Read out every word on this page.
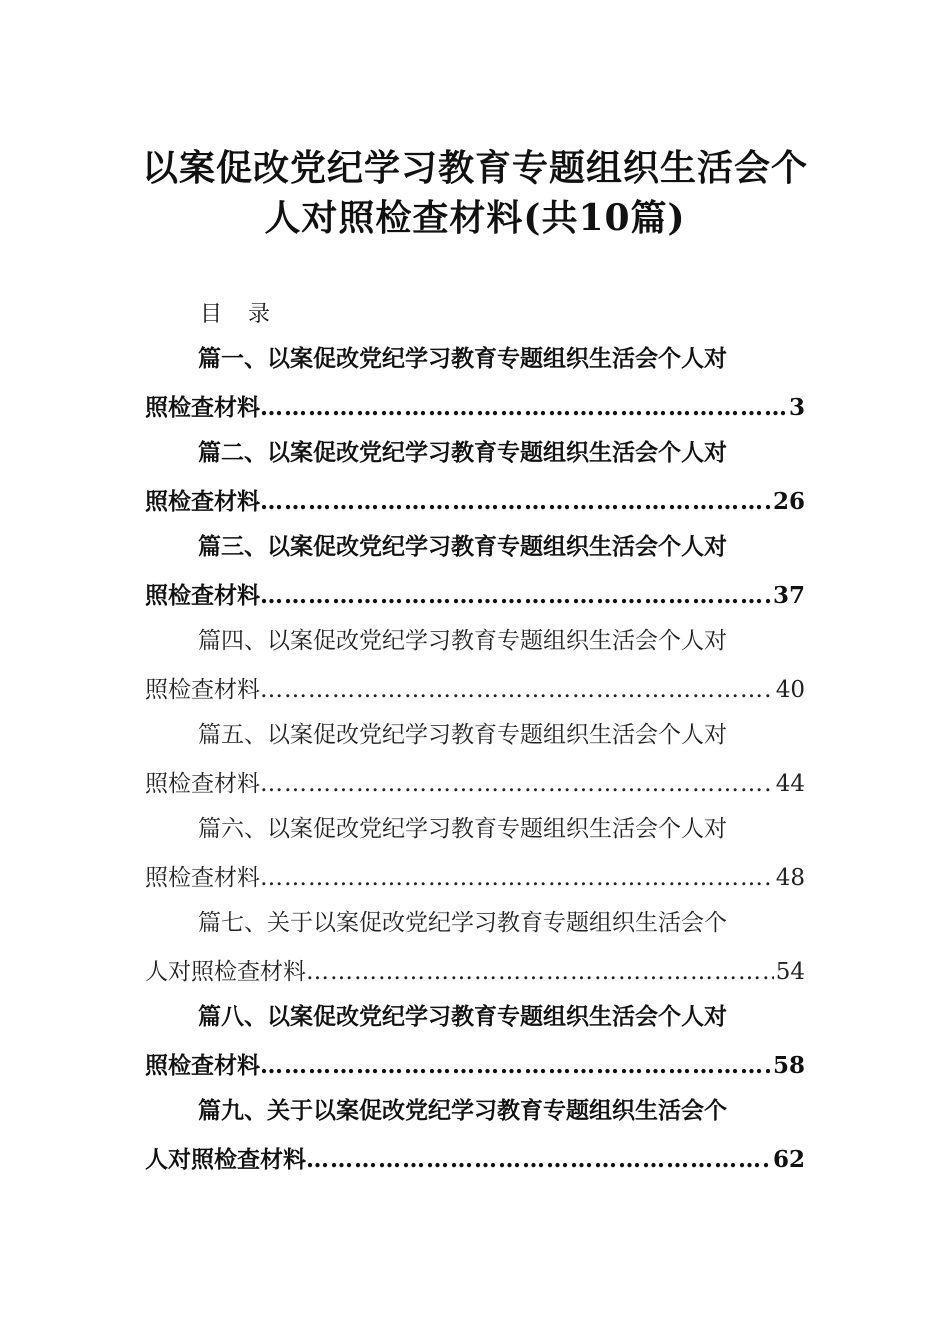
以案促改党纪学习教育专题组织生活会个
人对照检查材料(共10篇)
目录
篇一、以案促改党纪学习教育专题组织生活会个人对
照检查材料 ……………………………………………………………………………………………………………………………………	3
篇二、以案促改党纪学习教育专题组织生活会个人对
照检查材料 ……………………………………………………………………………………………………………………………………	26
篇三、以案促改党纪学习教育专题组织生活会个人对
照检查材料 ……………………………………………………………………………………………………………………………………	37
篇四、以案促改党纪学习教育专题组织生活会个人对
照检查材料 ……………………………………………………………………………………………………………………………………	40
篇五、以案促改党纪学习教育专题组织生活会个人对
照检查材料 ……………………………………………………………………………………………………………………………………	44
篇六、以案促改党纪学习教育专题组织生活会个人对
照检查材料 ……………………………………………………………………………………………………………………………………	48
篇七、关于以案促改党纪学习教育专题组织生活会个
人对照检查材料 ……………………………………………………………………………………………………………………………………	54
篇八、以案促改党纪学习教育专题组织生活会个人对
照检查材料 ……………………………………………………………………………………………………………………………………	58
篇九、关于以案促改党纪学习教育专题组织生活会个
人对照检查材料 ……………………………………………………………………………………………………………………………………	62
